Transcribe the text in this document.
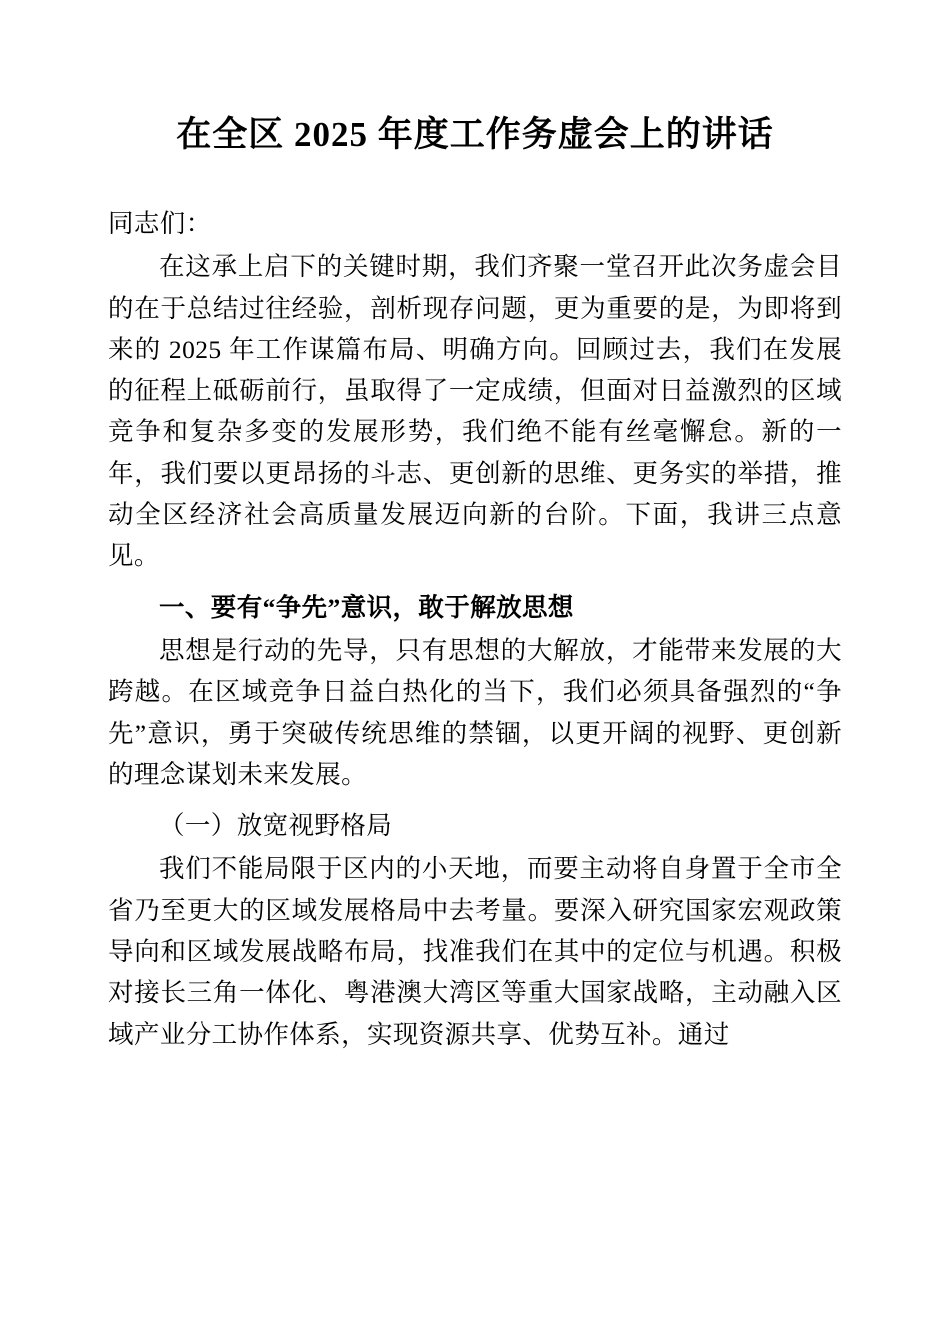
在全区 2025 年度工作务虚会上的讲话

同志们：

在这承上启下的关键时期，我们齐聚一堂召开此次务虚会目的在于总结过往经验，剖析现存问题，更为重要的是，为即将到来的 2025 年工作谋篇布局、明确方向。回顾过去，我们在发展的征程上砥砺前行，虽取得了一定成绩，但面对日益激烈的区域竞争和复杂多变的发展形势，我们绝不能有丝毫懈怠。新的一年，我们要以更昂扬的斗志、更创新的思维、更务实的举措，推动全区经济社会高质量发展迈向新的台阶。下面，我讲三点意见。

一、要有“争先”意识，敢于解放思想

思想是行动的先导，只有思想的大解放，才能带来发展的大跨越。在区域竞争日益白热化的当下，我们必须具备强烈的“争先”意识，勇于突破传统思维的禁锢，以更开阔的视野、更创新的理念谋划未来发展。

（一）放宽视野格局

我们不能局限于区内的小天地，而要主动将自身置于全市全省乃至更大的区域发展格局中去考量。要深入研究国家宏观政策导向和区域发展战略布局，找准我们在其中的定位与机遇。积极对接长三角一体化、粤港澳大湾区等重大国家战略，主动融入区域产业分工协作体系，实现资源共享、优势互补。通过
